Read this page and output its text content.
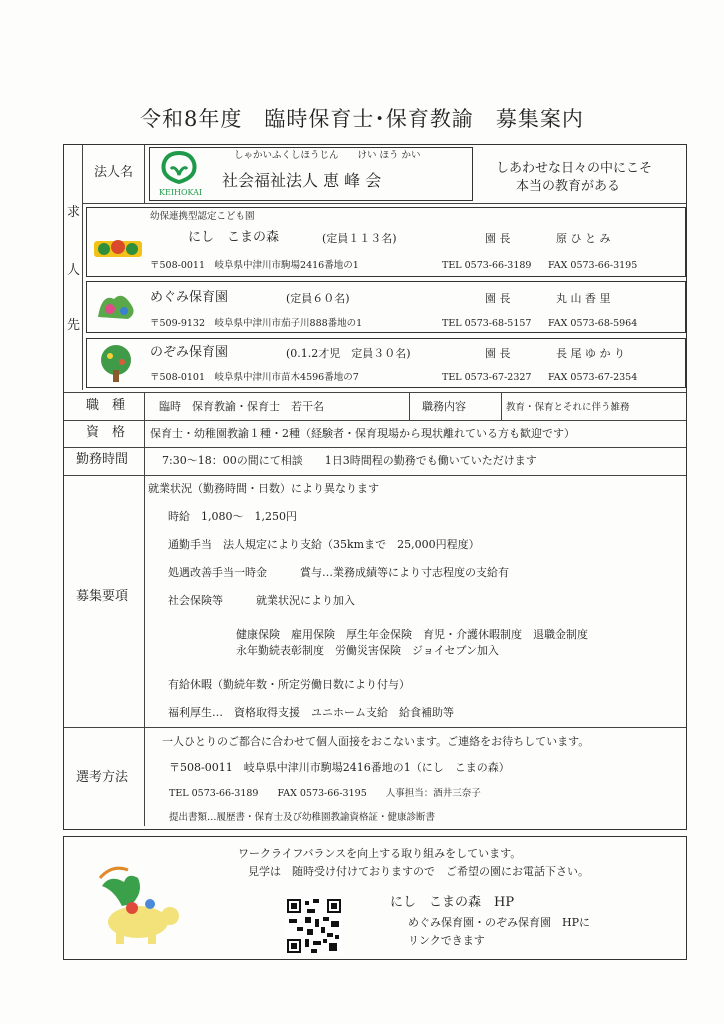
令和8年度　臨時保育士･保育教諭　募集案内
求
人
先
法人名
KEIHOKAI
しゃかいふくしほうじん　　けい ほう かい
社会福祉法人 恵 峰 会
しあわせな日々の中にこそ
本当の教育がある
幼保連携型認定こども園
にし　こまの森	(定員１１３名)	園 長	原 ひ と み
〒508-0011　岐阜県中津川市駒場2416番地の1	TEL 0573-66-3189 FAX 0573-66-3195
めぐみ保育園	(定員６０名)	園 長	丸 山 香 里
〒509-9132　岐阜県中津川市茄子川888番地の1	TEL 0573-68-5157 FAX 0573-68-5964
のぞみ保育園	(0.1.2才児　定員３０名)	園 長	長 尾 ゆ か り
〒508-0101　岐阜県中津川市苗木4596番地の7	TEL 0573-67-2327 FAX 0573-67-2354
職　種	臨時　保育教諭・保育士　若干名	職務内容	教育・保育とそれに伴う雑務
資　格 保育士・幼稚園教諭１種・2種（経験者・保育現場から現状離れている方も歓迎です）
勤務時間	7:30～18：00の間にて相談　　1日3時間程の勤務でも働いていただけます
募集要項
就業状況（勤務時間・日数）により異なります
時給　1,080～　1,250円
通勤手当　法人規定により支給（35kmまで　25,000円程度）
処遇改善手当一時金　　　賞与…業務成績等により寸志程度の支給有
社会保険等　　　就業状況により加入
健康保険　雇用保険　厚生年金保険　育児・介護休暇制度　退職金制度
永年勤続表彰制度　労働災害保険　ジョイセブン加入
有給休暇（勤続年数・所定労働日数により付与）
福利厚生…　資格取得支援　ユニホーム支給　給食補助等
選考方法
一人ひとりのご都合に合わせて個人面接をおこないます。ご連絡をお待ちしています。
〒508-0011　岐阜県中津川市駒場2416番地の1（にし　こまの森）
TEL 0573-66-3189　　FAX 0573-66-3195　　人事担当：酒井三奈子
提出書類…履歴書・保育士及び幼稚園教諭資格証・健康診断書
ワークライフバランスを向上する取り組みをしています。
見学は　随時受け付けておりますので　ご希望の園にお電話下さい。
にし　こまの森　HP
めぐみ保育園・のぞみ保育園　HPに
リンクできます
